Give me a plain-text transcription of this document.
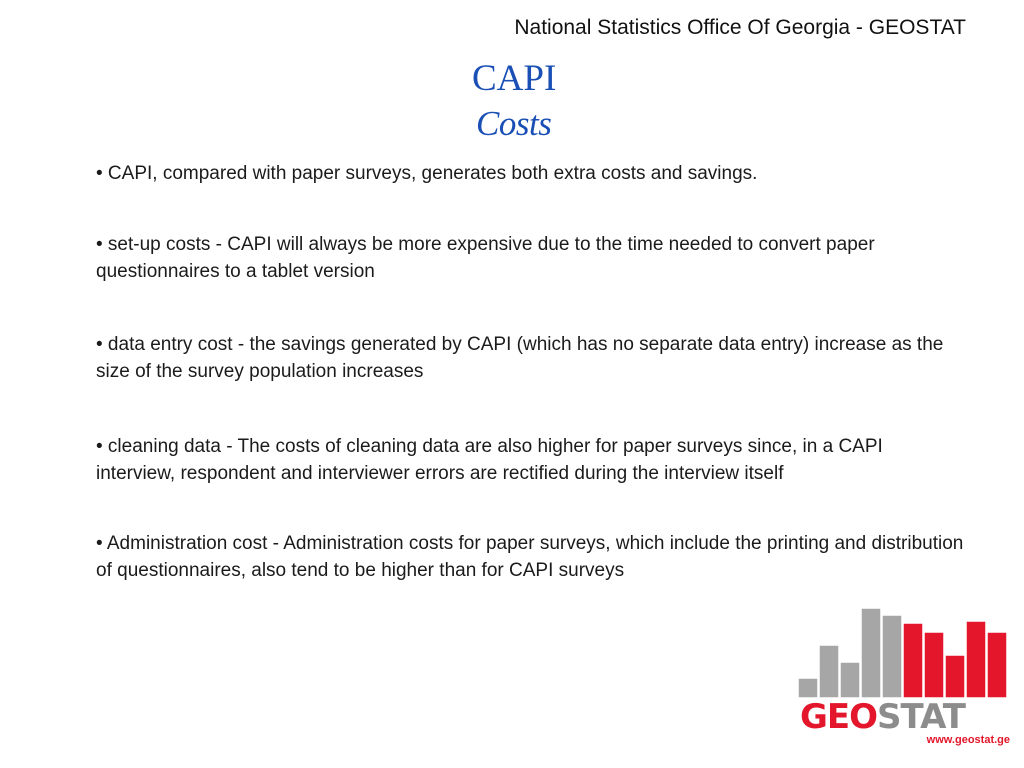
National Statistics Office Of Georgia - GEOSTAT
CAPI
Costs
• CAPI, compared with paper surveys, generates both extra costs and savings.
• set-up costs - CAPI will always be more expensive due to the time needed to convert paper questionnaires to a tablet version
• data entry cost - the savings generated by CAPI (which has no separate data entry) increase as the size of the survey population increases
• cleaning data - The costs of cleaning data are also higher for paper surveys since, in a CAPI interview, respondent and interviewer errors are rectified during the interview itself
• Administration cost - Administration costs for paper surveys, which include the printing and distribution of questionnaires, also tend to be higher than for CAPI surveys
GEOSTAT
www.geostat.ge
